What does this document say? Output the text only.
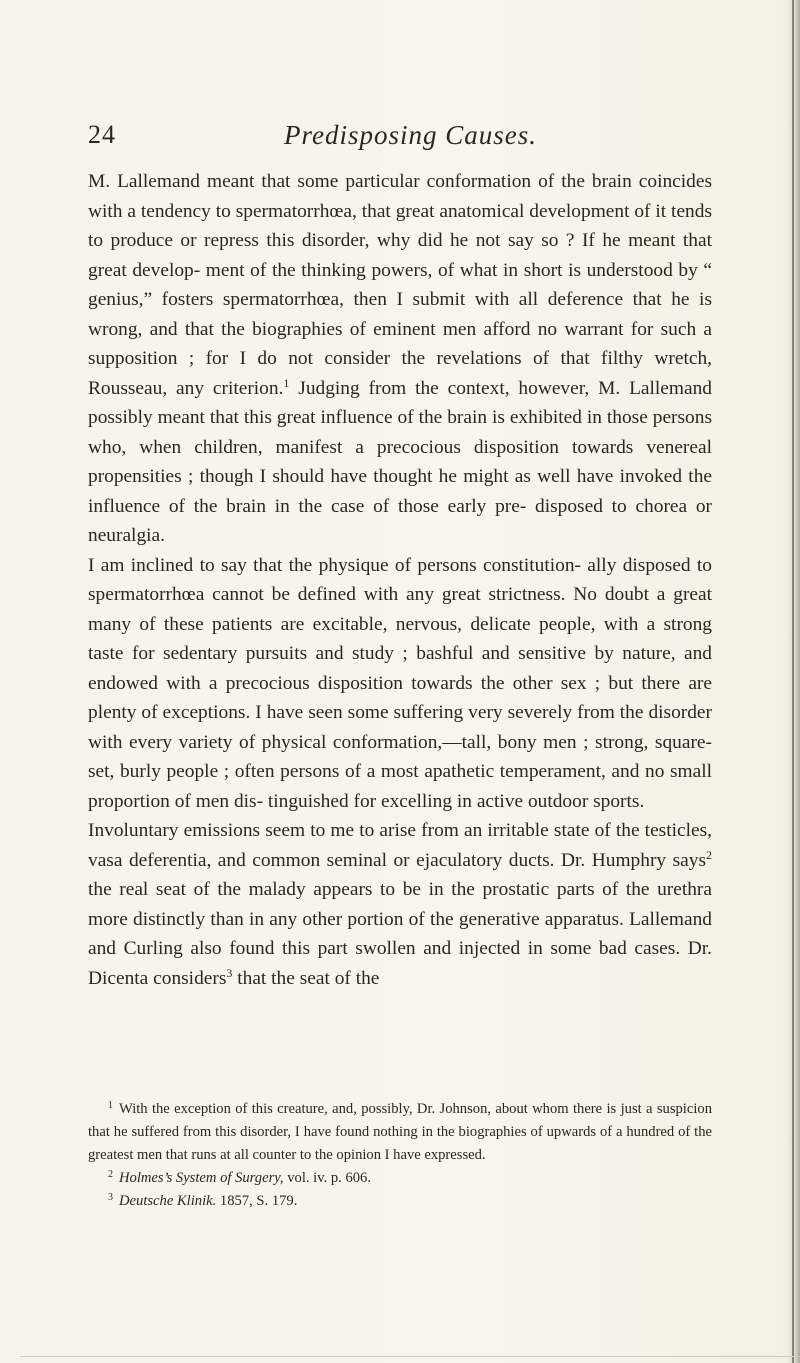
24	Predisposing Causes.

M. Lallemand meant that some particular conformation of the brain coincides with a tendency to spermatorrhœa, that great anatomical development of it tends to produce or repress this disorder, why did he not say so ? If he meant that great develop- ment of the thinking powers, of what in short is understood by “ genius,” fosters spermatorrhœa, then I submit with all deference that he is wrong, and that the biographies of eminent men afford no warrant for such a supposition ; for I do not consider the revelations of that filthy wretch, Rousseau, any criterion.$^1$ Judging from the context, however, M. Lallemand possibly meant that this great influence of the brain is exhibited in those persons who, when children, manifest a precocious disposition towards venereal propensities ; though I should have thought he might as well have invoked the influence of the brain in the case of those early pre- disposed to chorea or neuralgia.

I am inclined to say that the physique of persons constitution- ally disposed to spermatorrhœa cannot be defined with any great strictness. No doubt a great many of these patients are excitable, nervous, delicate people, with a strong taste for sedentary pursuits and study ; bashful and sensitive by nature, and endowed with a precocious disposition towards the other sex ; but there are plenty of exceptions. I have seen some suffering very severely from the disorder with every variety of physical conformation,—tall, bony men ; strong, square-set, burly people ; often persons of a most apathetic temperament, and no small proportion of men dis- tinguished for excelling in active outdoor sports.

Involuntary emissions seem to me to arise from an irritable state of the testicles, vasa deferentia, and common seminal or ejaculatory ducts. Dr. Humphry says$^2$ the real seat of the malady appears to be in the prostatic parts of the urethra more distinctly than in any other portion of the generative apparatus. Lallemand and Curling also found this part swollen and injected in some bad cases. Dr. Dicenta considers$^3$ that the seat of the

$^1$ With the exception of this creature, and, possibly, Dr. Johnson, about whom there is just a suspicion that he suffered from this disorder, I have found nothing in the biographies of upwards of a hundred of the greatest men that runs at all counter to the opinion I have expressed.

$^2$ Holmes’s System of Surgery, vol. iv. p. 606.

$^3$ Deutsche Klinik. 1857, S. 179.
